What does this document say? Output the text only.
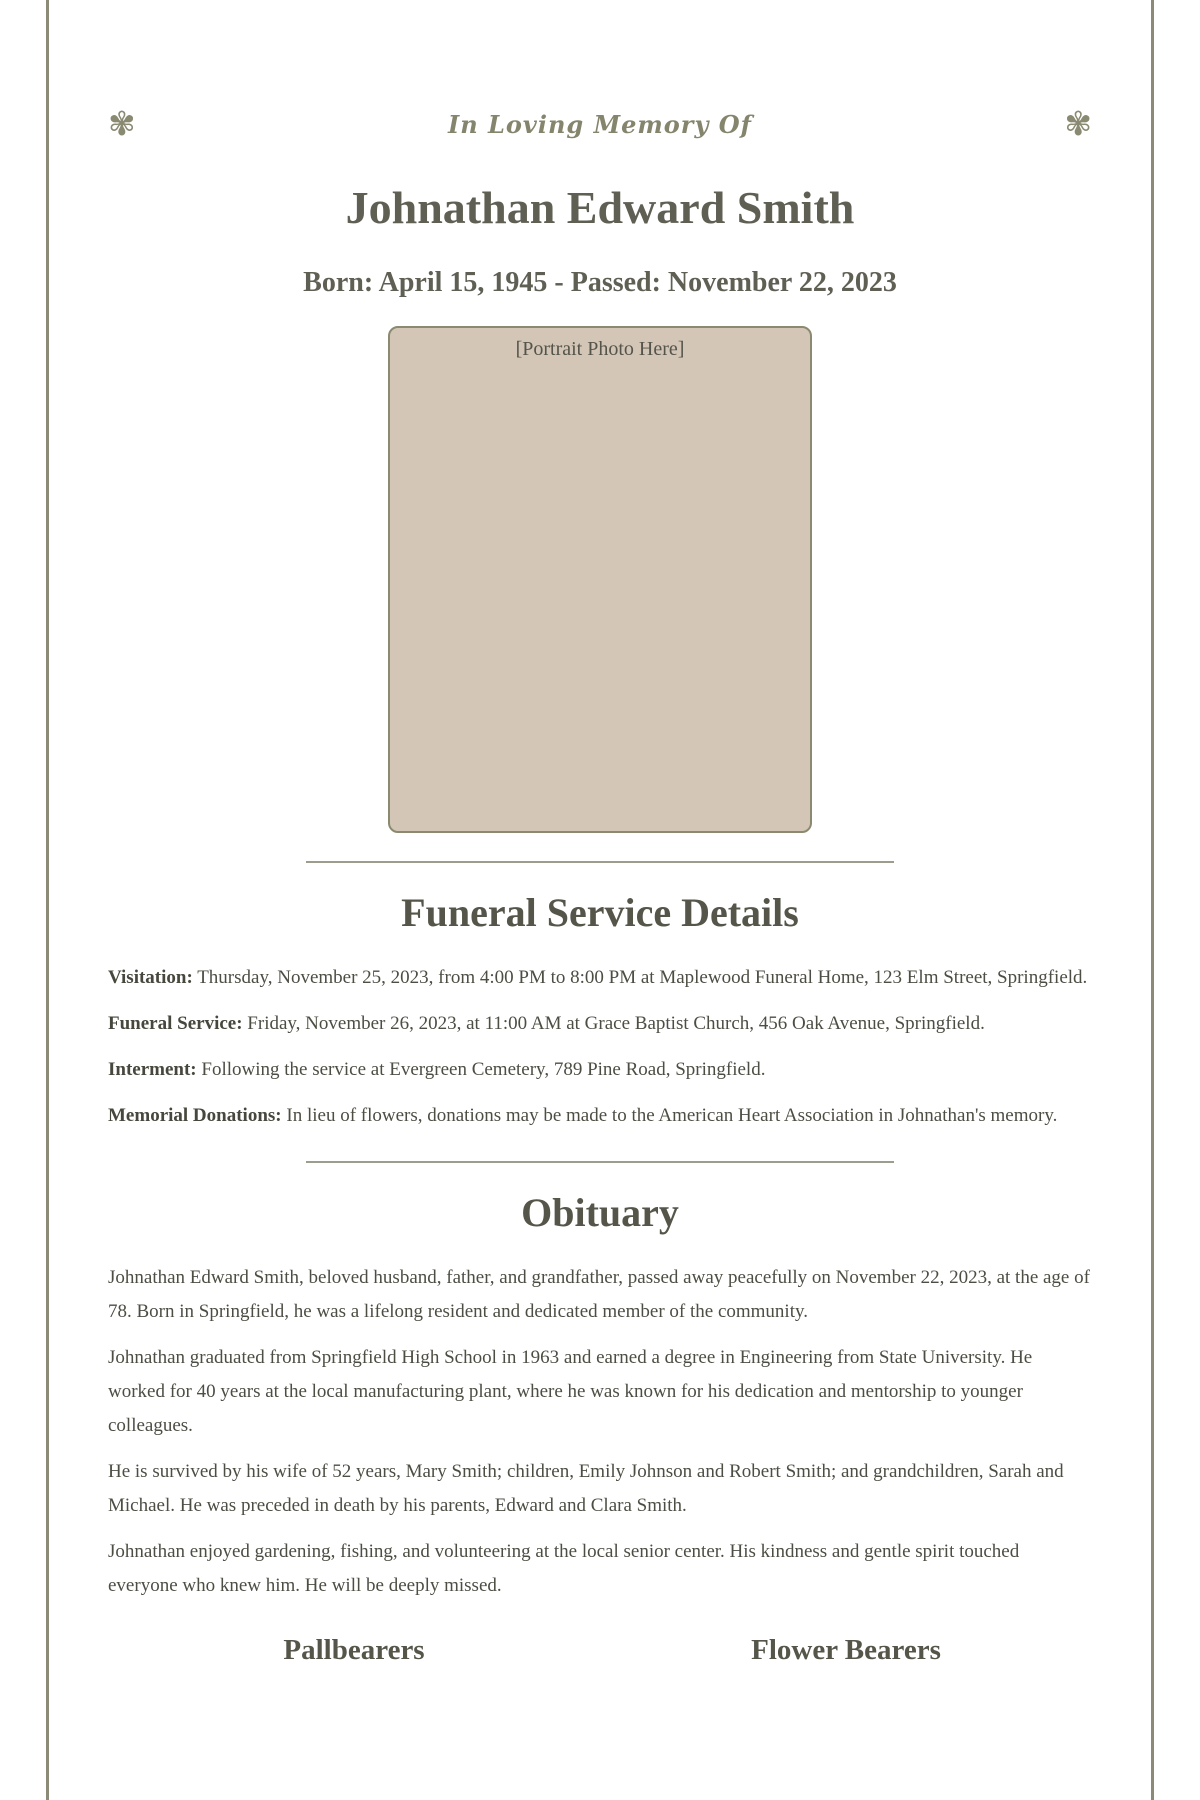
✾	In Loving Memory Of	✾
Johnathan Edward Smith
Born: April 15, 1945 - Passed: November 22, 2023
[Portrait Photo Here]
Funeral Service Details

Visitation: Thursday, November 25, 2023, from 4:00 PM to 8:00 PM at Maplewood Funeral Home, 123 Elm Street, Springfield.

Funeral Service: Friday, November 26, 2023, at 11:00 AM at Grace Baptist Church, 456 Oak Avenue, Springfield.

Interment: Following the service at Evergreen Cemetery, 789 Pine Road, Springfield.

Memorial Donations: In lieu of flowers, donations may be made to the American Heart Association in Johnathan's memory.

Obituary

Johnathan Edward Smith, beloved husband, father, and grandfather, passed away peacefully on November 22, 2023, at the age of 78. Born in Springfield, he was a lifelong resident and dedicated member of the community.

Johnathan graduated from Springfield High School in 1963 and earned a degree in Engineering from State University. He worked for 40 years at the local manufacturing plant, where he was known for his dedication and mentorship to younger colleagues.

He is survived by his wife of 52 years, Mary Smith; children, Emily Johnson and Robert Smith; and grandchildren, Sarah and Michael. He was preceded in death by his parents, Edward and Clara Smith.

Johnathan enjoyed gardening, fishing, and volunteering at the local senior center. His kindness and gentle spirit touched everyone who knew him. He will be deeply missed.

Pallbearers	Flower Bearers
